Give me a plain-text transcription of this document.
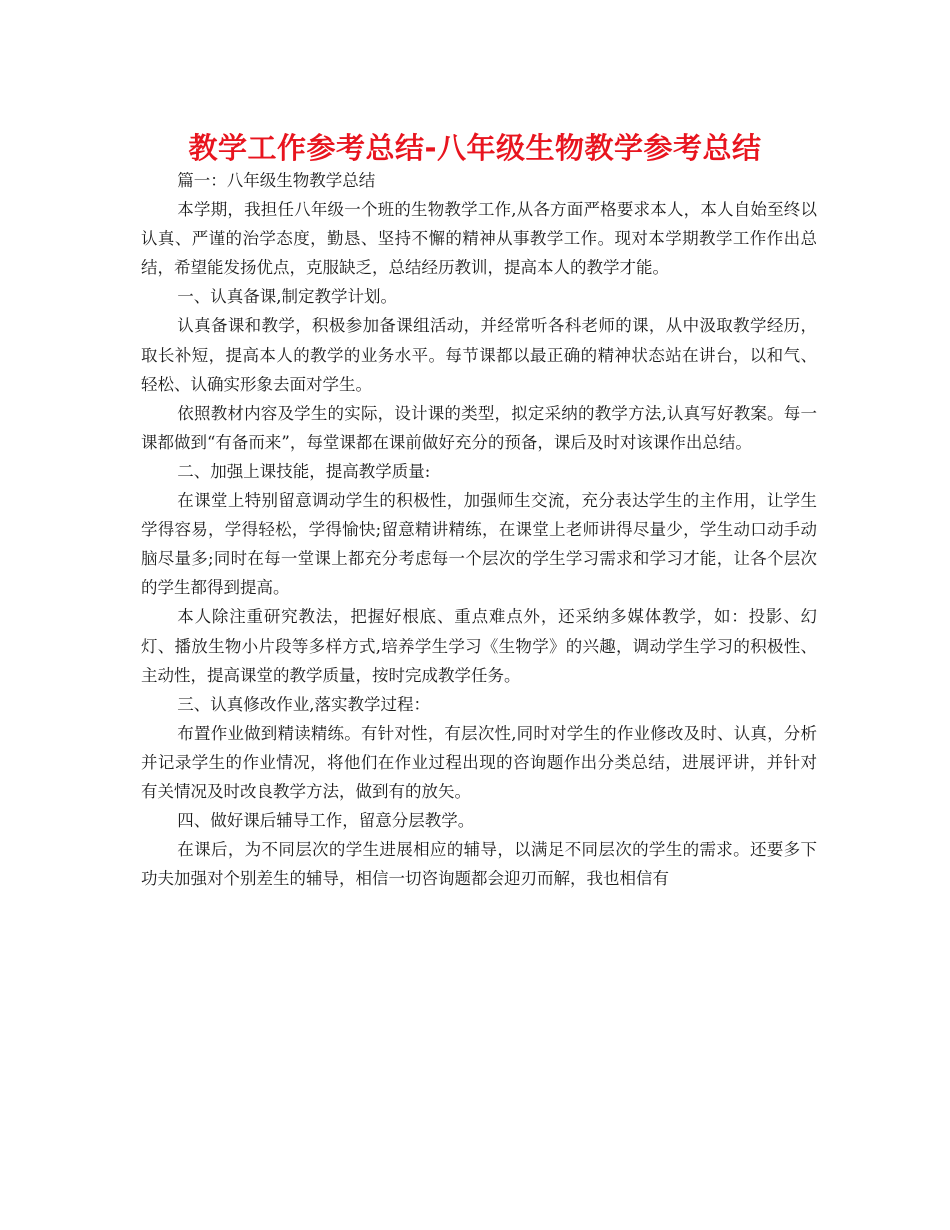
教学工作参考总结-八年级生物教学参考总结

篇一：八年级生物教学总结

本学期，我担任八年级一个班的生物教学工作,从各方面严格要求本人，本人自始至终以认真、严谨的治学态度，勤恳、坚持不懈的精神从事教学工作。现对本学期教学工作作出总结，希望能发扬优点，克服缺乏，总结经历教训，提高本人的教学才能。

一、认真备课,制定教学计划。

认真备课和教学，积极参加备课组活动，并经常听各科老师的课，从中汲取教学经历，取长补短，提高本人的教学的业务水平。每节课都以最正确的精神状态站在讲台，以和气、轻松、认确实形象去面对学生。

依照教材内容及学生的实际，设计课的类型，拟定采纳的教学方法,认真写好教案。每一课都做到“有备而来”，每堂课都在课前做好充分的预备，课后及时对该课作出总结。

二、加强上课技能，提高教学质量:

在课堂上特别留意调动学生的积极性，加强师生交流，充分表达学生的主作用，让学生学得容易，学得轻松，学得愉快;留意精讲精练，在课堂上老师讲得尽量少，学生动口动手动脑尽量多;同时在每一堂课上都充分考虑每一个层次的学生学习需求和学习才能，让各个层次的学生都得到提高。

本人除注重研究教法，把握好根底、重点难点外，还采纳多媒体教学，如：投影、幻灯、播放生物小片段等多样方式,培养学生学习《生物学》的兴趣，调动学生学习的积极性、主动性，提高课堂的教学质量，按时完成教学任务。

三、认真修改作业,落实教学过程：

布置作业做到精读精练。有针对性，有层次性,同时对学生的作业修改及时、认真，分析并记录学生的作业情况，将他们在作业过程出现的咨询题作出分类总结，进展评讲，并针对有关情况及时改良教学方法，做到有的放矢。

四、做好课后辅导工作，留意分层教学。

在课后，为不同层次的学生进展相应的辅导，以满足不同层次的学生的需求。还要多下功夫加强对个别差生的辅导，相信一切咨询题都会迎刃而解，我也相信有
